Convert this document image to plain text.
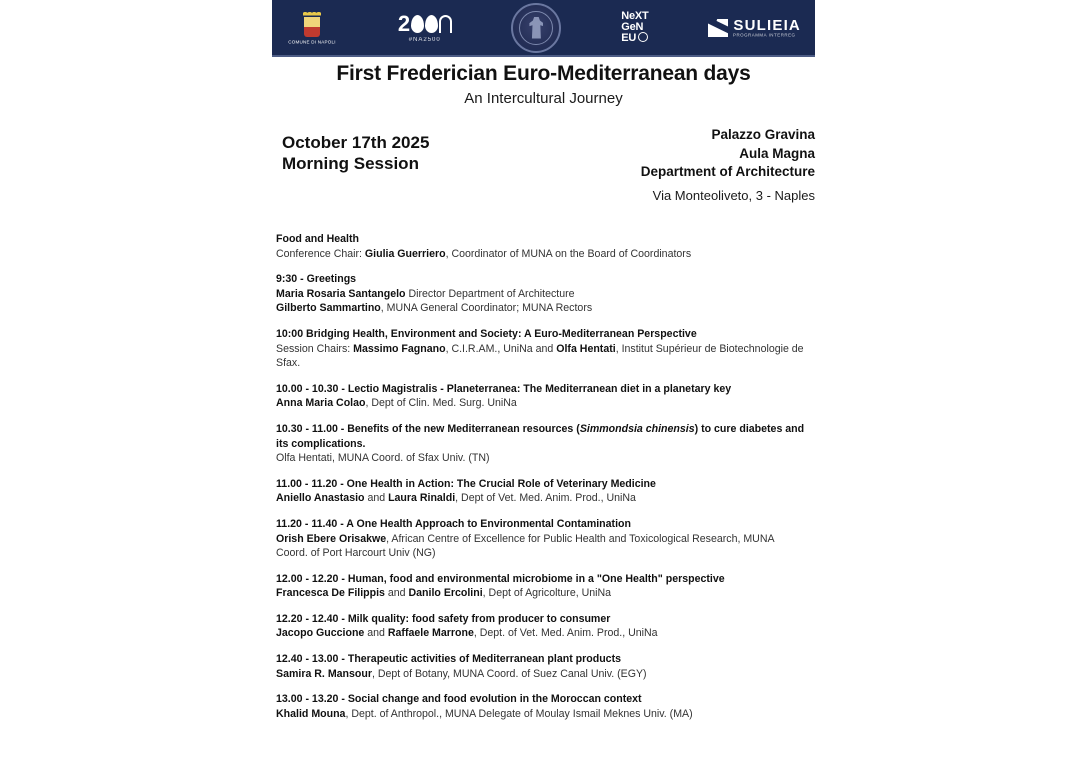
COMUNE DI NAPOLI
2
#NA2500
NeXT
GeN
EU
SULIEIA
PROGRAMMA INTERREG
First Frederician Euro-Mediterranean days
An Intercultural Journey
October 17th 2025
Morning Session
Palazzo Gravina
Aula Magna
Department of Architecture
Via Monteoliveto, 3 - Naples
Food and Health
Conference Chair: Giulia Guerriero, Coordinator of MUNA on the Board of Coordinators
9:30 - Greetings
Maria Rosaria Santangelo Director Department of Architecture
Gilberto Sammartino, MUNA General Coordinator; MUNA Rectors
10:00 Bridging Health, Environment and Society: A Euro-Mediterranean Perspective
Session Chairs: Massimo Fagnano, C.I.R.AM., UniNa and Olfa Hentati, Institut Supérieur de Biotechnologie de Sfax.
10.00 - 10.30 - Lectio Magistralis - Planeterranea: The Mediterranean diet in a planetary key
Anna Maria Colao, Dept of Clin. Med. Surg. UniNa
10.30 - 11.00 - Benefits of the new Mediterranean resources (Simmondsia chinensis) to cure diabetes and its complications.
Olfa Hentati, MUNA Coord. of Sfax Univ. (TN)
11.00 - 11.20 - One Health in Action: The Crucial Role of Veterinary Medicine
Aniello Anastasio and Laura Rinaldi, Dept of Vet. Med. Anim. Prod., UniNa
11.20 - 11.40 - A One Health Approach to Environmental Contamination
Orish Ebere Orisakwe, African Centre of Excellence for Public Health and Toxicological Research, MUNA Coord. of Port Harcourt Univ (NG)
12.00 - 12.20 - Human, food and environmental microbiome in a "One Health" perspective
Francesca De Filippis and Danilo Ercolini, Dept of Agricolture, UniNa
12.20 - 12.40 - Milk quality: food safety from producer to consumer
Jacopo Guccione and Raffaele Marrone, Dept. of Vet. Med. Anim. Prod., UniNa
12.40 - 13.00 - Therapeutic activities of Mediterranean plant products
Samira R. Mansour, Dept of Botany, MUNA Coord. of Suez Canal Univ. (EGY)
13.00 - 13.20 - Social change and food evolution in the Moroccan context
Khalid Mouna, Dept. of Anthropol., MUNA Delegate of Moulay Ismail Meknes Univ. (MA)
